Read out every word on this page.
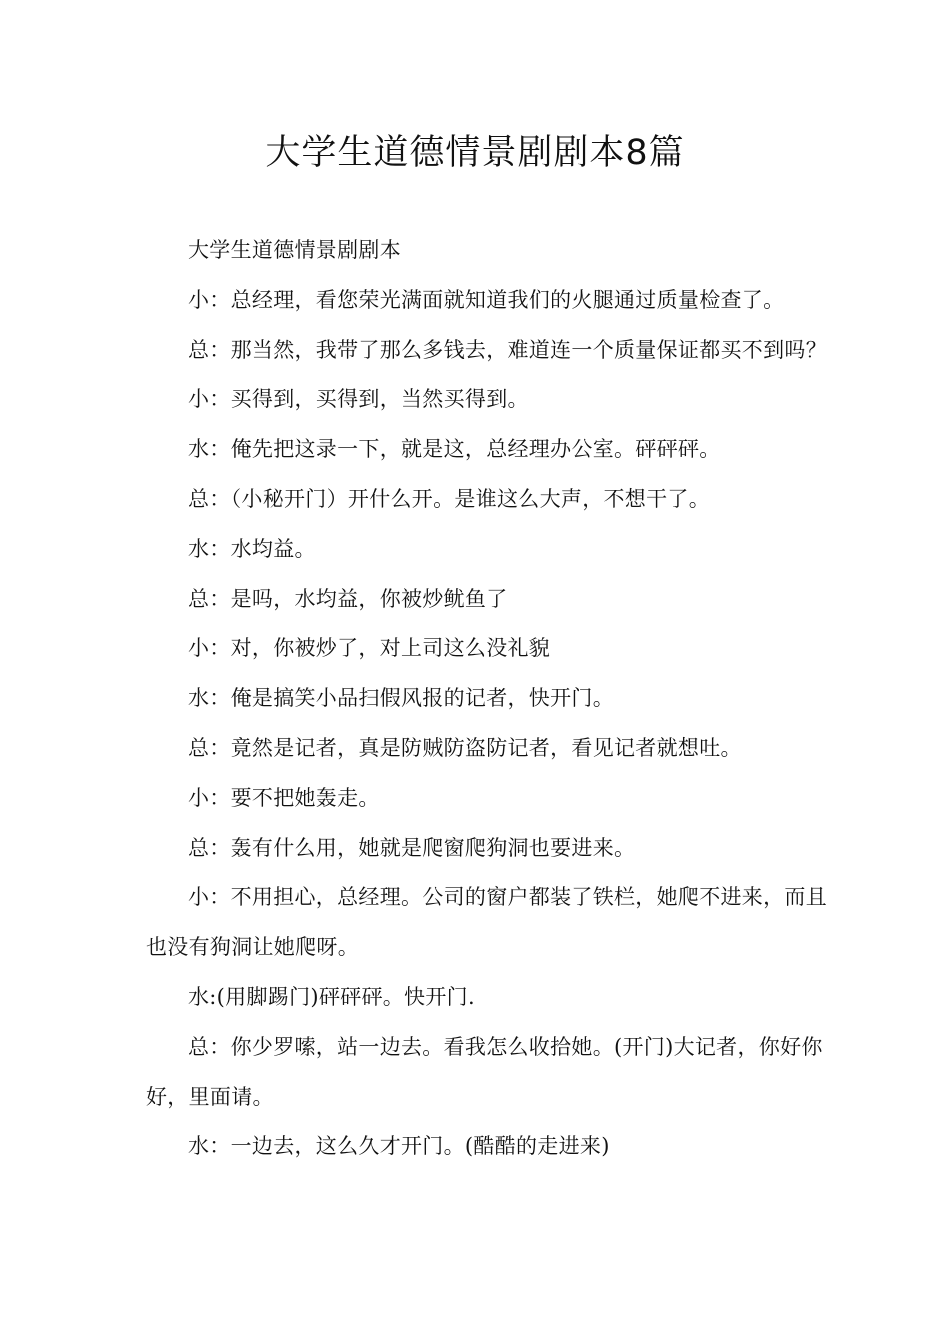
大学生道德情景剧剧本8篇

大学生道德情景剧剧本

小：总经理，看您荣光满面就知道我们的火腿通过质量检查了。

总：那当然，我带了那么多钱去，难道连一个质量保证都买不到吗？

小：买得到，买得到，当然买得到。

水：俺先把这录一下，就是这，总经理办公室。砰砰砰。

总：（小秘开门）开什么开。是谁这么大声，不想干了。

水：水均益。

总：是吗，水均益，你被炒鱿鱼了

小：对，你被炒了，对上司这么没礼貌

水：俺是搞笑小品扫假风报的记者，快开门。

总：竟然是记者，真是防贼防盗防记者，看见记者就想吐。

小：要不把她轰走。

总：轰有什么用，她就是爬窗爬狗洞也要进来。

小：不用担心，总经理。公司的窗户都装了铁栏，她爬不进来，而且也没有狗洞让她爬呀。

水:(用脚踢门)砰砰砰。快开门.

总：你少罗嗦，站一边去。看我怎么收拾她。(开门)大记者，你好你好，里面请。

水：一边去，这么久才开门。(酷酷的走进来)
